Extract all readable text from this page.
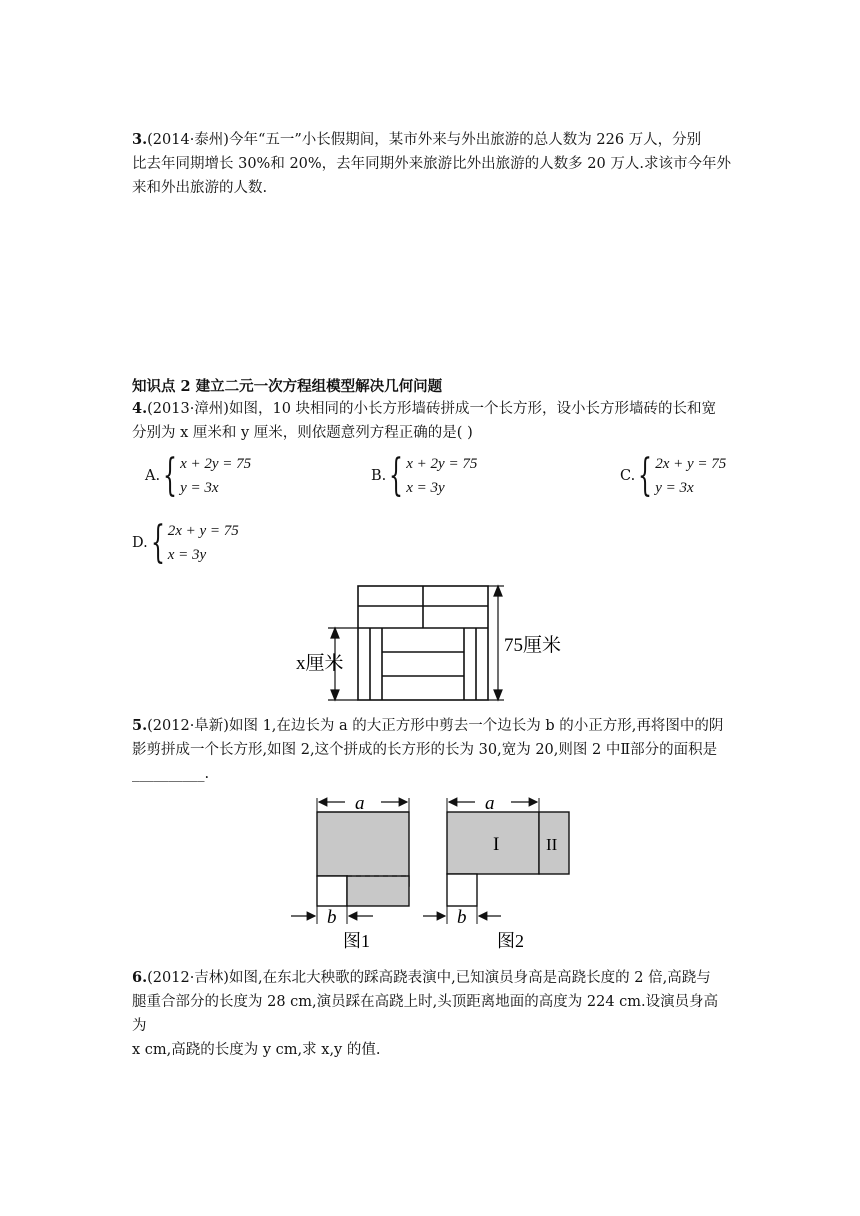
3.(2014·泰州)今年“五一”小长假期间，某市外来与外出旅游的总人数为 226 万人，分别
比去年同期增长 30%和 20%，去年同期外来旅游比外出旅游的人数多 20 万人.求该市今年外
来和外出旅游的人数.
知识点 2 建立二元一次方程组模型解决几何问题
4.(2013·漳州)如图，10 块相同的小长方形墙砖拼成一个长方形，设小长方形墙砖的长和宽
分别为 x 厘米和 y 厘米，则依题意列方程正确的是( )
A. { x + 2y = 75
y = 3x
B. { x + 2y = 75
x = 3y
C. { 2x + y = 75
y = 3x
D. { 2x + y = 75
x = 3y
x厘米
75厘米
5.(2012·阜新)如图 1,在边长为 a 的大正方形中剪去一个边长为 b 的小正方形,再将图中的阴
影剪拼成一个长方形,如图 2,这个拼成的长方形的长为 30,宽为 20,则图 2 中Ⅱ部分的面积是
__________.
a
b
图1
I	II
a
b
图2
6.(2012·吉林)如图,在东北大秧歌的踩高跷表演中,已知演员身高是高跷长度的 2 倍,高跷与
腿重合部分的长度为 28 cm,演员踩在高跷上时,头顶距离地面的高度为 224 cm.设演员身高为
x cm,高跷的长度为 y cm,求 x,y 的值.
